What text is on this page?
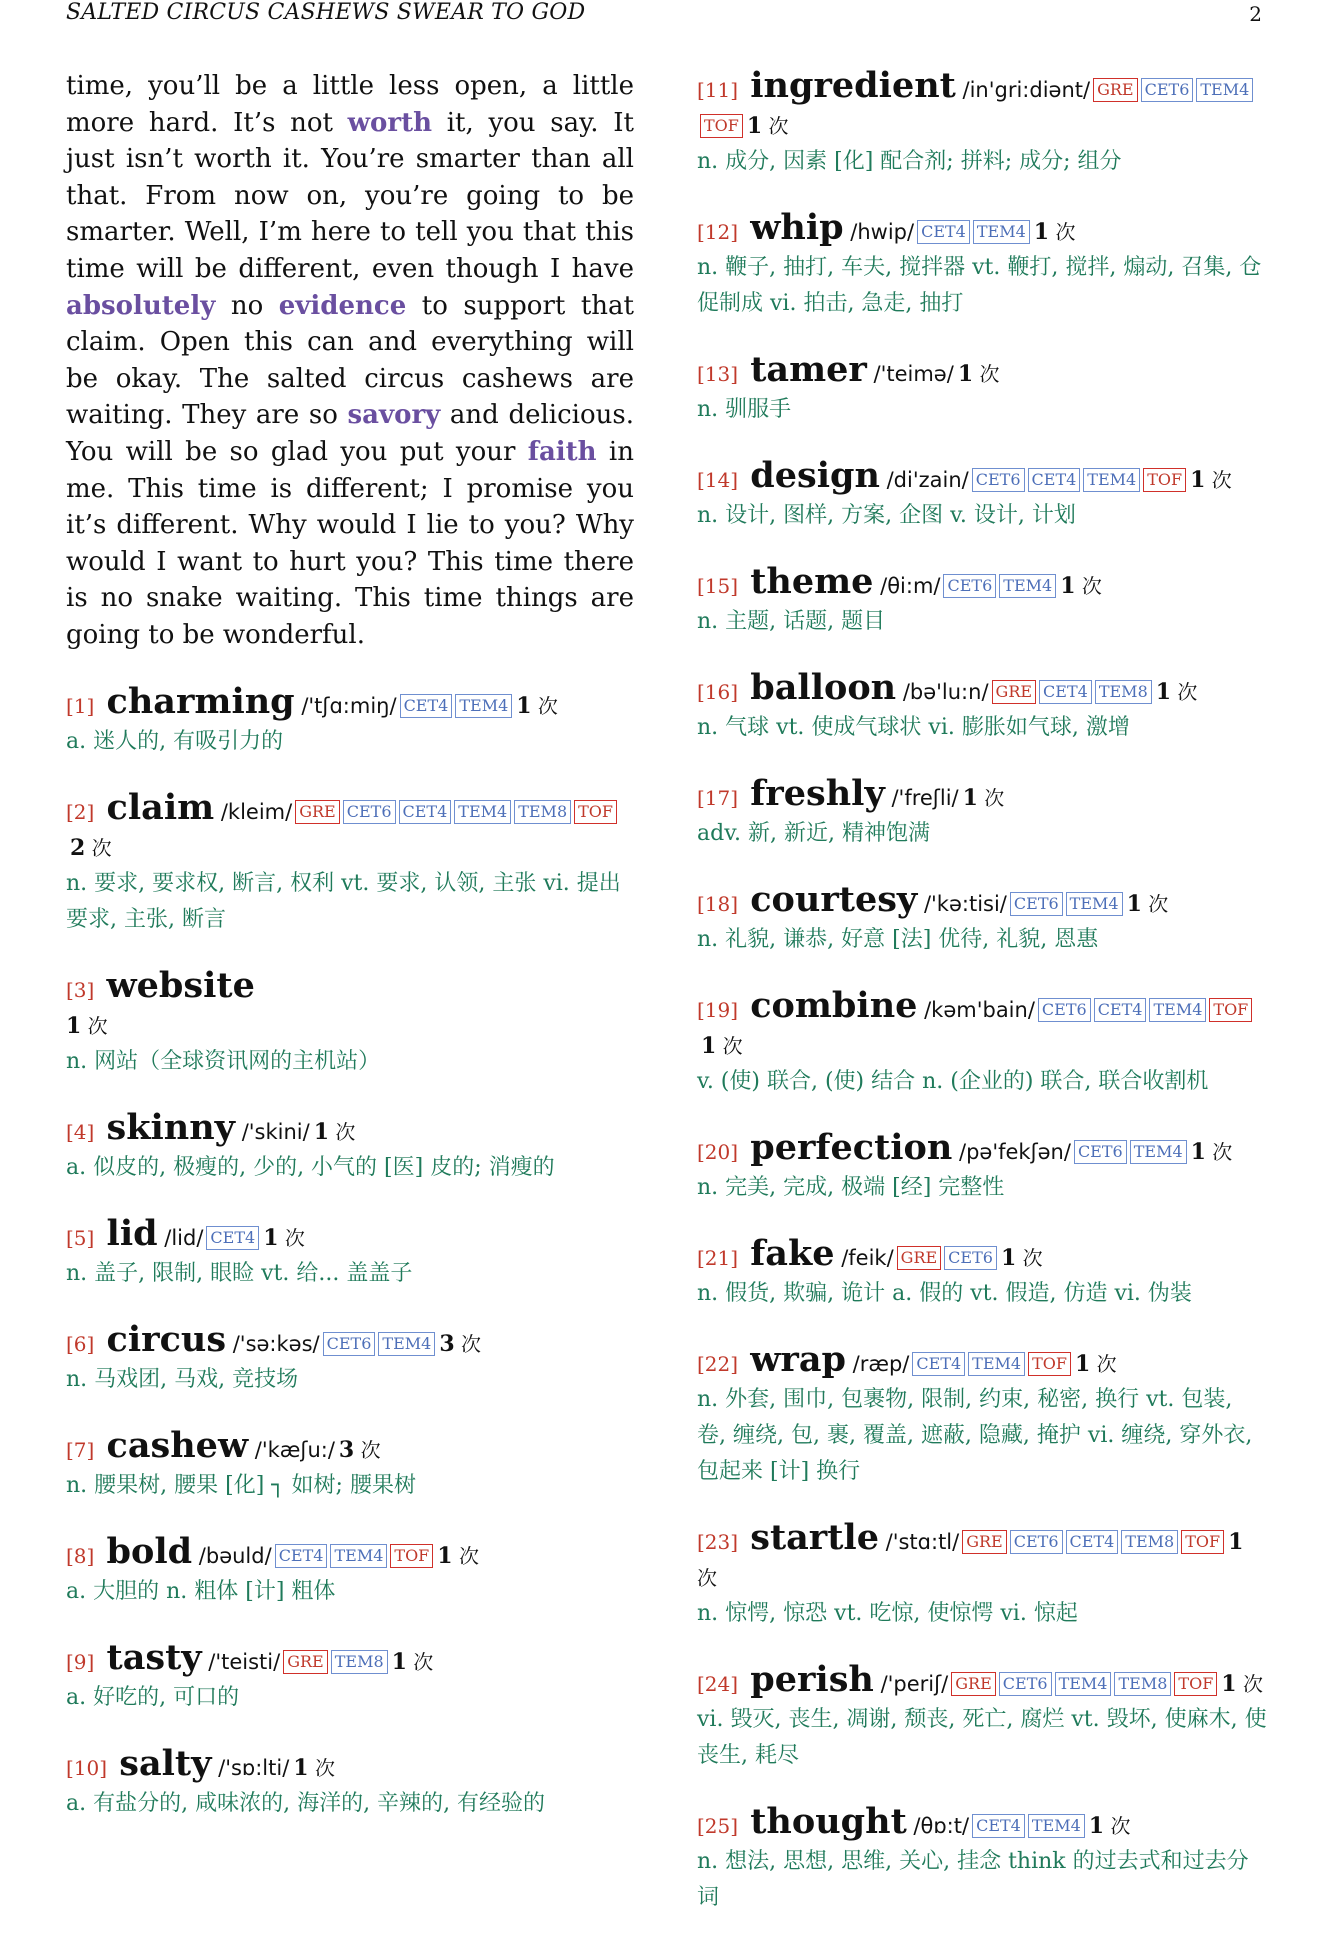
SALTED CIRCUS CASHEWS SWEAR TO GOD	2

time, you’ll be a little less open, a little more hard. It’s not worth it, you say. It just isn’t worth it. You’re smarter than all that. From now on, you’re going to be smarter. Well, I’m here to tell you that this time will be different, even though I have absolutely no evidence to support that claim. Open this can and everything will be okay. The salted circus cashews are waiting. They are so savory and delicious. You will be so glad you put your faith in me. This time is different; I promise you it’s different. Why would I lie to you? Why would I want to hurt you? This time there is no snake waiting. This time things are going to be wonderful.

[1] charming /'tʃɑ:miŋ/ CET4 TEM4 1 次
a. 迷人的, 有吸引力的
[2] claim /kleim/ GRE CET6 CET4 TEM4 TEM8 TOF2 次
n. 要求, 要求权, 断言, 权利 vt. 要求, 认领, 主张 vi. 提出要求, 主张, 断言
[3] website
1 次
n. 网站（全球资讯网的主机站）
[4] skinny /'skini/ 1 次
a. 似皮的, 极瘦的, 少的, 小气的 [医] 皮的; 消瘦的
[5] lid /lid/ CET4 1 次
n. 盖子, 限制, 眼睑 vt. 给... 盖盖子
[6] circus /'sə:kəs/ CET6 TEM4 3 次
n. 马戏团, 马戏, 竞技场
[7] cashew /'kæʃu:/ 3 次
n. 腰果树, 腰果 [化] ┐ 如树; 腰果树
[8] bold /bəuld/ CET4 TEM4 TOF 1 次
a. 大胆的 n. 粗体 [计] 粗体
[9] tasty /'teisti/ GRE TEM8 1 次
a. 好吃的, 可口的
[10] salty /'sɒ:lti/ 1 次
a. 有盐分的, 咸味浓的, 海洋的, 辛辣的, 有经验的
[11] ingredient /in'gri:diənt/ GRE CET6 TEM4TOF 1 次
n. 成分, 因素 [化] 配合剂; 拼料; 成分; 组分
[12] whip /hwip/ CET4 TEM4 1 次
n. 鞭子, 抽打, 车夫, 搅拌器 vt. 鞭打, 搅拌, 煽动, 召集, 仓促制成 vi. 拍击, 急走, 抽打
[13] tamer /'teimə/ 1 次
n. 驯服手
[14] design /di'zain/ CET6 CET4 TEM4 TOF 1 次
n. 设计, 图样, 方案, 企图 v. 设计, 计划
[15] theme /θi:m/ CET6 TEM4 1 次
n. 主题, 话题, 题目
[16] balloon /bə'lu:n/ GRE CET4 TEM8 1 次
n. 气球 vt. 使成气球状 vi. 膨胀如气球, 激增
[17] freshly /'freʃli/ 1 次
adv. 新, 新近, 精神饱满
[18] courtesy /'kə:tisi/ CET6 TEM4 1 次
n. 礼貌, 谦恭, 好意 [法] 优待, 礼貌, 恩惠
[19] combine /kəm'bain/ CET6 CET4 TEM4 TOF1 次
v. (使) 联合, (使) 结合 n. (企业的) 联合, 联合收割机
[20] perfection /pə'fekʃən/ CET6 TEM4 1 次
n. 完美, 完成, 极端 [经] 完整性
[21] fake /feik/ GRE CET6 1 次
n. 假货, 欺骗, 诡计 a. 假的 vt. 假造, 仿造 vi. 伪装
[22] wrap /ræp/ CET4 TEM4 TOF 1 次
n. 外套, 围巾, 包裹物, 限制, 约束, 秘密, 换行 vt. 包装, 卷, 缠绕, 包, 裹, 覆盖, 遮蔽, 隐藏, 掩护 vi. 缠绕, 穿外衣, 包起来 [计] 换行
[23] startle /'stɑ:tl/ GRE CET6 CET4 TEM8 TOF 1 次
n. 惊愕, 惊恐 vt. 吃惊, 使惊愕 vi. 惊起
[24] perish /'periʃ/ GRE CET6 TEM4 TEM8 TOF 1 次
vi. 毁灭, 丧生, 凋谢, 颓丧, 死亡, 腐烂 vt. 毁坏, 使麻木, 使丧生, 耗尽
[25] thought /θɒ:t/ CET4 TEM4 1 次
n. 想法, 思想, 思维, 关心, 挂念 think 的过去式和过去分词
